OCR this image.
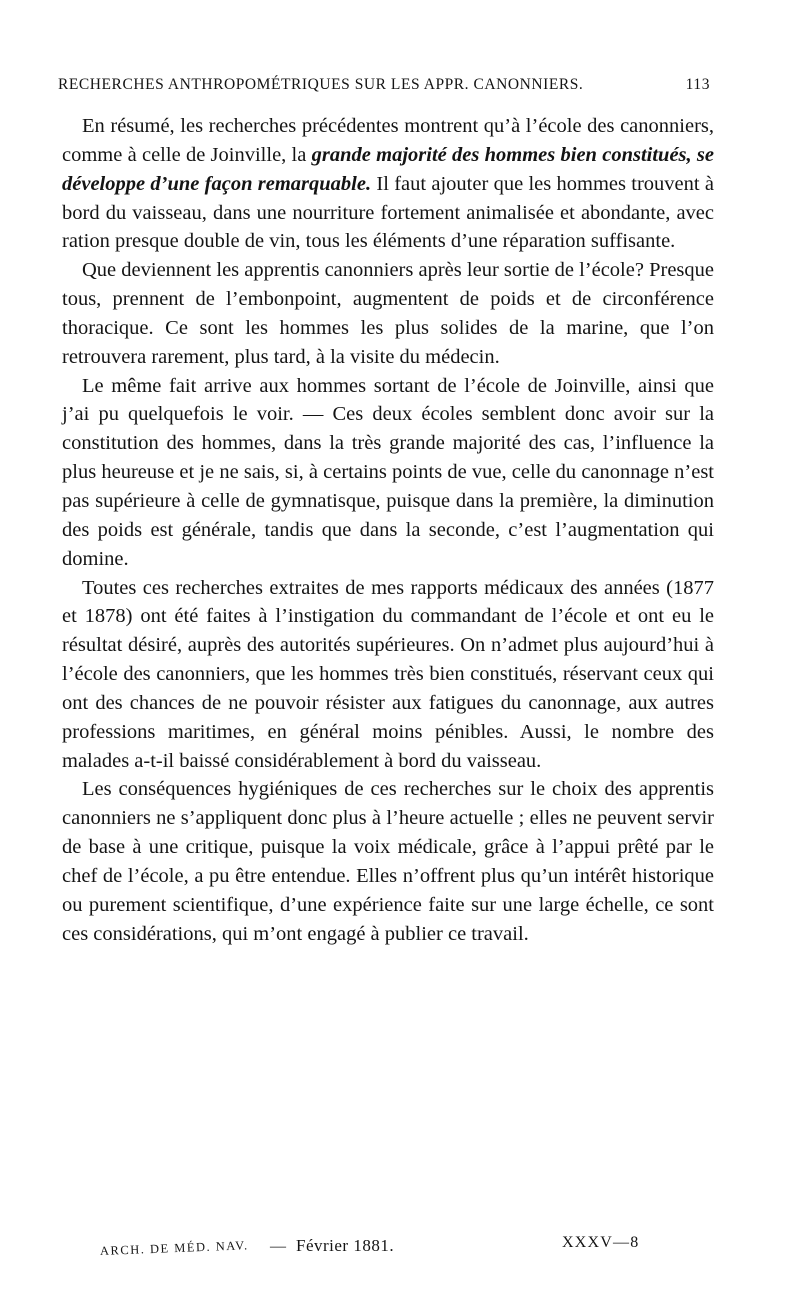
RECHERCHES ANTHROPOMÉTRIQUES SUR LES APPR. CANONNIERS.	113

En résumé, les recherches précédentes montrent qu’à l’école des canonniers, comme à celle de Joinville, la grande majorité des hommes bien constitués, se développe d’une façon remarquable. Il faut ajouter que les hommes trouvent à bord du vaisseau, dans une nourriture fortement animalisée et abondante, avec ration presque double de vin, tous les éléments d’une réparation suffisante.

Que deviennent les apprentis canonniers après leur sortie de l’école? Presque tous, prennent de l’embonpoint, augmentent de poids et de circonférence thoracique. Ce sont les hommes les plus solides de la marine, que l’on retrouvera rarement, plus tard, à la visite du médecin.

Le même fait arrive aux hommes sortant de l’école de Joinville, ainsi que j’ai pu quelquefois le voir. — Ces deux écoles semblent donc avoir sur la constitution des hommes, dans la très grande majorité des cas, l’influence la plus heureuse et je ne sais, si, à certains points de vue, celle du canonnage n’est pas supérieure à celle de gymnatisque, puisque dans la première, la diminution des poids est générale, tandis que dans la seconde, c’est l’augmentation qui domine.

Toutes ces recherches extraites de mes rapports médicaux des années (1877 et 1878) ont été faites à l’instigation du commandant de l’école et ont eu le résultat désiré, auprès des autorités supérieures. On n’admet plus aujourd’hui à l’école des canonniers, que les hommes très bien constitués, réservant ceux qui ont des chances de ne pouvoir résister aux fatigues du canonnage, aux autres professions maritimes, en général moins pénibles. Aussi, le nombre des malades a-t-il baissé considérablement à bord du vaisseau.

Les conséquences hygiéniques de ces recherches sur le choix des apprentis canonniers ne s’appliquent donc plus à l’heure actuelle ; elles ne peuvent servir de base à une critique, puisque la voix médicale, grâce à l’appui prêté par le chef de l’école, a pu être entendue. Elles n’offrent plus qu’un intérêt historique ou purement scientifique, d’une expérience faite sur une large échelle, ce sont ces considérations, qui m’ont engagé à publier ce travail.

ARCH. DE MÉD. NAV. — Février 1881.	XXXV—8
